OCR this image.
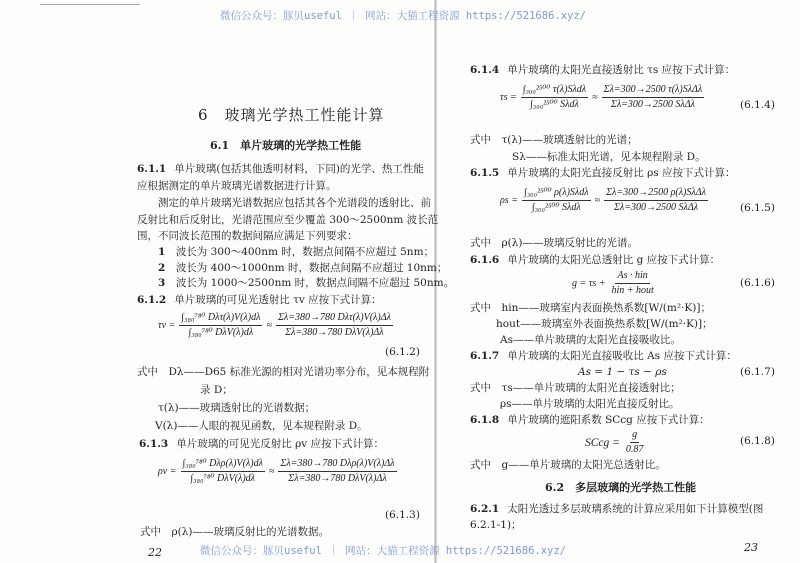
微信公众号：豚贝useful ｜ 网站：大猫工程资源 https://521686.xyz/
6　玻璃光学热工性能计算
6.1　单片玻璃的光学热工性能
6.1.1 单片玻璃(包括其他透明材料，下同)的光学、热工性能
应根据测定的单片玻璃光谱数据进行计算。
测定的单片玻璃光谱数据应包括其各个光谱段的透射比、前
反射比和后反射比，光谱范围应至少覆盖 300～2500nm 波长范
围，不同波长范围的数据间隔应满足下列要求：
1　 波长为 300～400nm 时，数据点间隔不应超过 5nm；
2　 波长为 400～1000nm 时，数据点间隔不应超过 10nm；
3　 波长为 1000～2500nm 时，数据点间隔不应超过 50nm。
6.1.2 单片玻璃的可见光透射比 τv 应按下式计算：
$\tau v = \frac{\text{∫₃₈₀⁷⁸⁰ Dλτ(λ)V(λ)dλ}}{\text{∫₃₈₀⁷⁸⁰ DλV(λ)dλ}} \approx \frac{\text{Σλ=380→780 Dλτ(λ)V(λ)Δλ}}{\text{Σλ=380→780 DλV(λ)Δλ}}$
(6.1.2)
式中　Dλ——D65 标准光源的相对光谱功率分布，见本规程附
录 D；
τ(λ)——玻璃透射比的光谱数据；
V(λ)——人眼的视见函数，见本规程附录 D。
6.1.3 单片玻璃的可见光反射比 ρv 应按下式计算：
$\rho v = \frac{\text{∫₃₈₀⁷⁸⁰ Dλρ(λ)V(λ)dλ}}{\text{∫₃₈₀⁷⁸⁰ DλV(λ)dλ}} \approx \frac{\text{Σλ=380→780 Dλρ(λ)V(λ)Δλ}}{\text{Σλ=380→780 DλV(λ)Δλ}}$
(6.1.3)
式中　ρ(λ)——玻璃反射比的光谱数据。
22
6.1.4 单片玻璃的太阳光直接透射比 τs 应按下式计算：
$\tau s = \frac{\text{∫₃₀₀²⁵⁰⁰ τ(λ)Sλdλ}}{\text{∫₃₀₀²⁵⁰⁰ Sλdλ}} \approx \frac{\text{Σλ=300→2500 τ(λ)SλΔλ}}{\text{Σλ=300→2500 SλΔλ}}$	(6.1.4)
式中　τ(λ)——玻璃透射比的光谱；
Sλ——标准太阳光谱，见本规程附录 D。
6.1.5 单片玻璃的太阳光直接反射比 ρs 应按下式计算：
$\rho s = \frac{\text{∫₃₀₀²⁵⁰⁰ ρ(λ)Sλdλ}}{\text{∫₃₀₀²⁵⁰⁰ Sλdλ}} \approx \frac{\text{Σλ=300→2500 ρ(λ)SλΔλ}}{\text{Σλ=300→2500 SλΔλ}}$	(6.1.5)
式中　ρ(λ)——玻璃反射比的光谱。
6.1.6 单片玻璃的太阳光总透射比 g 应按下式计算：
$g = \tau s + \frac{\text{As · hin}}{\text{hin + hout}}$	(6.1.6)
式中　hin——玻璃室内表面换热系数[W/(m²·K)]；
hout——玻璃室外表面换热系数[W/(m²·K)]；
As——单片玻璃的太阳光直接吸收比。
6.1.7 单片玻璃的太阳光直接吸收比 As 应按下式计算：
As = 1 − τs − ρs	(6.1.7)
式中　τs——单片玻璃的太阳光直接透射比；
ρs——单片玻璃的太阳光直接反射比。
6.1.8 单片玻璃的遮阳系数 SCcg 应按下式计算：
SCcg = $\frac{g}{0.87}$	(6.1.8)
式中　g——单片玻璃的太阳光总透射比。
6.2　多层玻璃的光学热工性能
6.2.1 太阳光透过多层玻璃系统的计算应采用如下计算模型(图
6.2.1-1)；
23
微信公众号：豚贝useful ｜ 网站：大猫工程资源 https://521686.xyz/
